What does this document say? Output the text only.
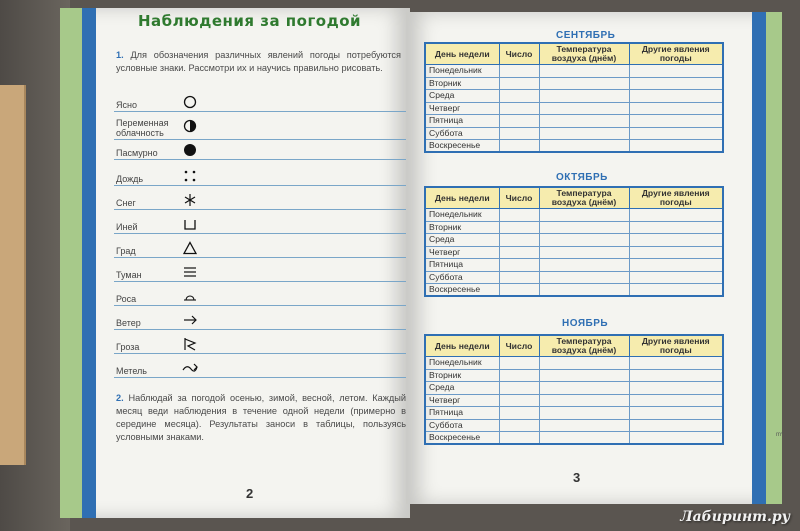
Наблюдения за погодой
1. Для обозначения различных явлений погоды потребуются условные знаки. Рассмотри их и научись правильно рисовать.
Ясно
Переменная облачность
Пасмурно
Дождь
Снег
Иней
Град
Туман
Роса
Ветер
Гроза
Метель
2. Наблюдай за погодой осенью, зимой, весной, летом. Каждый месяц веди наблюдения в течение одной недели (примерно в середине месяца). Результаты заноси в таблицы, пользуясь условными знаками.
2
СЕНТЯБРЬ
День недели	Число	Температура воздуха (днём)	Другие явления погоды
Понедельник			
Вторник			
Среда			
Четверг			
Пятница			
Суббота			
Воскресенье			
ОКТЯБРЬ
День недели	Число	Температура воздуха (днём)	Другие явления погоды
Понедельник			
Вторник			
Среда			
Четверг			
Пятница			
Суббота			
Воскресенье			
НОЯБРЬ
День недели	Число	Температура воздуха (днём)	Другие явления погоды
Понедельник			
Вторник			
Среда			
Четверг			
Пятница			
Суббота			
Воскресенье			
3
m*
Лабиринт.ру
